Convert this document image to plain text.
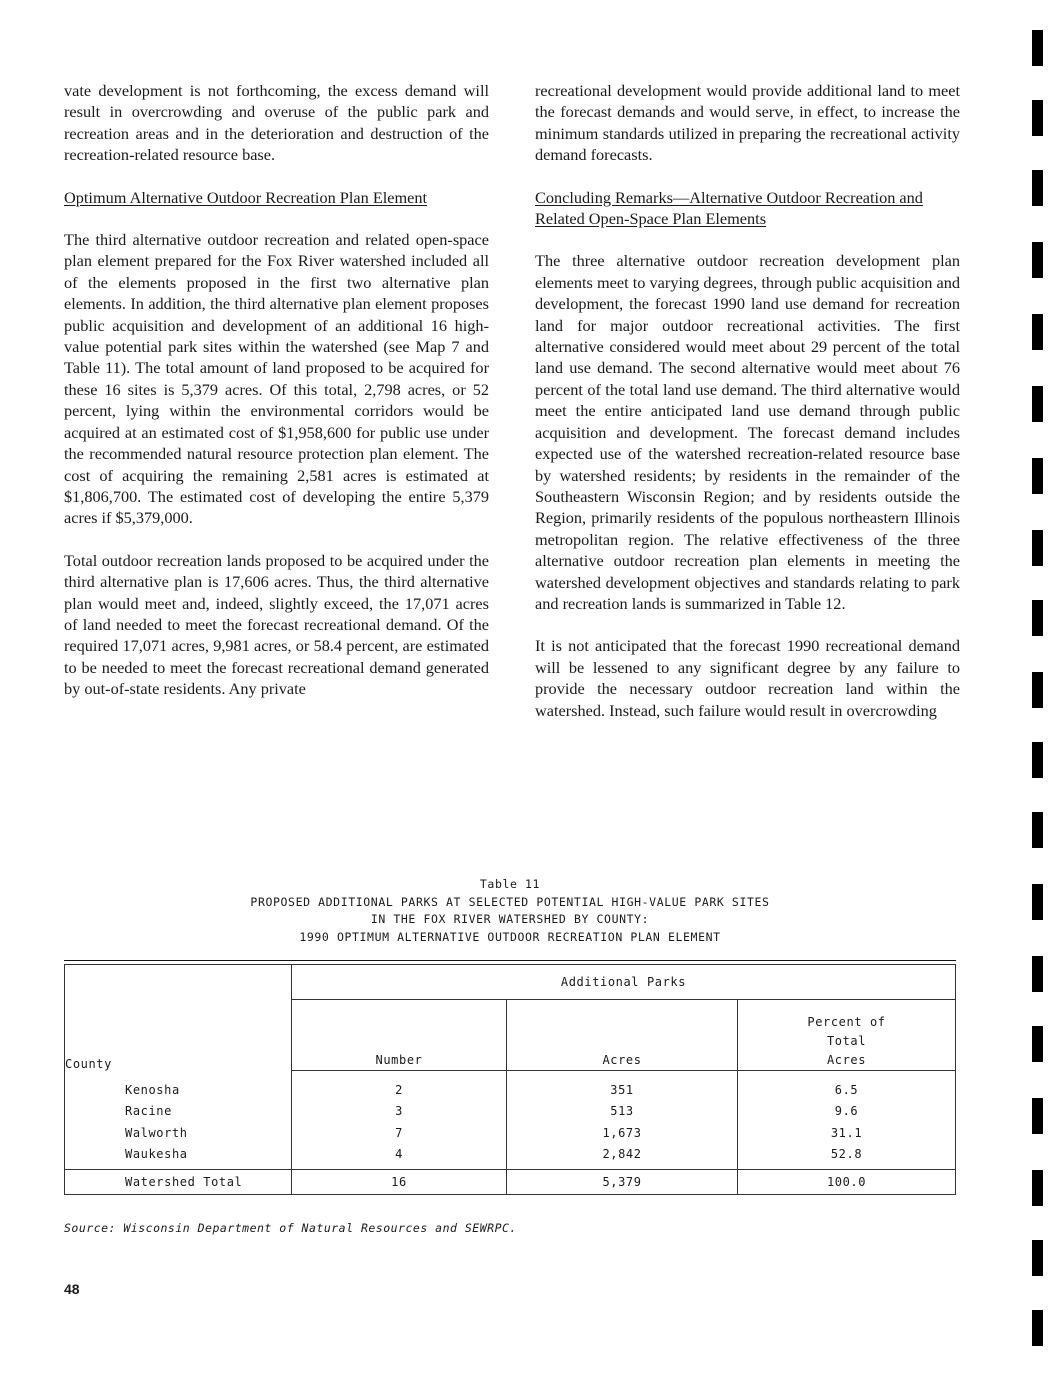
vate development is not forthcoming, the excess demand will result in overcrowding and overuse of the public park and recreation areas and in the deterioration and destruction of the recreation-related resource base.

Optimum Alternative Outdoor Recreation Plan Element

The third alternative outdoor recreation and related open-space plan element prepared for the Fox River watershed included all of the elements proposed in the first two alternative plan elements. In addition, the third alternative plan element proposes public acquisition and development of an additional 16 high-value potential park sites within the watershed (see Map 7 and Table 11). The total amount of land proposed to be acquired for these 16 sites is 5,379 acres. Of this total, 2,798 acres, or 52 percent, lying within the environmental corridors would be acquired at an estimated cost of $1,958,600 for public use under the recommended natural resource protection plan element. The cost of acquiring the remaining 2,581 acres is estimated at $1,806,700. The estimated cost of developing the entire 5,379 acres if $5,379,000.

Total outdoor recreation lands proposed to be acquired under the third alternative plan is 17,606 acres. Thus, the third alternative plan would meet and, indeed, slightly exceed, the 17,071 acres of land needed to meet the forecast recreational demand. Of the required 17,071 acres, 9,981 acres, or 58.4 percent, are estimated to be needed to meet the forecast recreational demand generated by out-of-state residents. Any private

recreational development would provide additional land to meet the forecast demands and would serve, in effect, to increase the minimum standards utilized in preparing the recreational activity demand forecasts.

Concluding Remarks—Alternative Outdoor Recreation and Related Open-Space Plan Elements

The three alternative outdoor recreation development plan elements meet to varying degrees, through public acquisition and development, the forecast 1990 land use demand for recreation land for major outdoor recreational activities. The first alternative considered would meet about 29 percent of the total land use demand. The second alternative would meet about 76 percent of the total land use demand. The third alternative would meet the entire anticipated land use demand through public acquisition and development. The forecast demand includes expected use of the watershed recreation-related resource base by watershed residents; by residents in the remainder of the Southeastern Wisconsin Region; and by residents outside the Region, primarily residents of the populous northeastern Illinois metropolitan region. The relative effectiveness of the three alternative outdoor recreation plan elements in meeting the watershed development objectives and standards relating to park and recreation lands is summarized in Table 12.

It is not anticipated that the forecast 1990 recreational demand will be lessened to any significant degree by any failure to provide the necessary outdoor recreation land within the watershed. Instead, such failure would result in overcrowding

Table 11
PROPOSED ADDITIONAL PARKS AT SELECTED POTENTIAL HIGH-VALUE PARK SITES
IN THE FOX RIVER WATERSHED BY COUNTY:
1990 OPTIMUM ALTERNATIVE OUTDOOR RECREATION PLAN ELEMENT
County	Additional Parks		
	Number	Acres	Percent of
Total
Acres
Kenosha	2	351	6.5
Racine	3	513	9.6
Walworth	7	1,673	31.1
Waukesha	4	2,842	52.8
Watershed Total	16	5,379	100.0
Source: Wisconsin Department of Natural Resources and SEWRPC.
48
